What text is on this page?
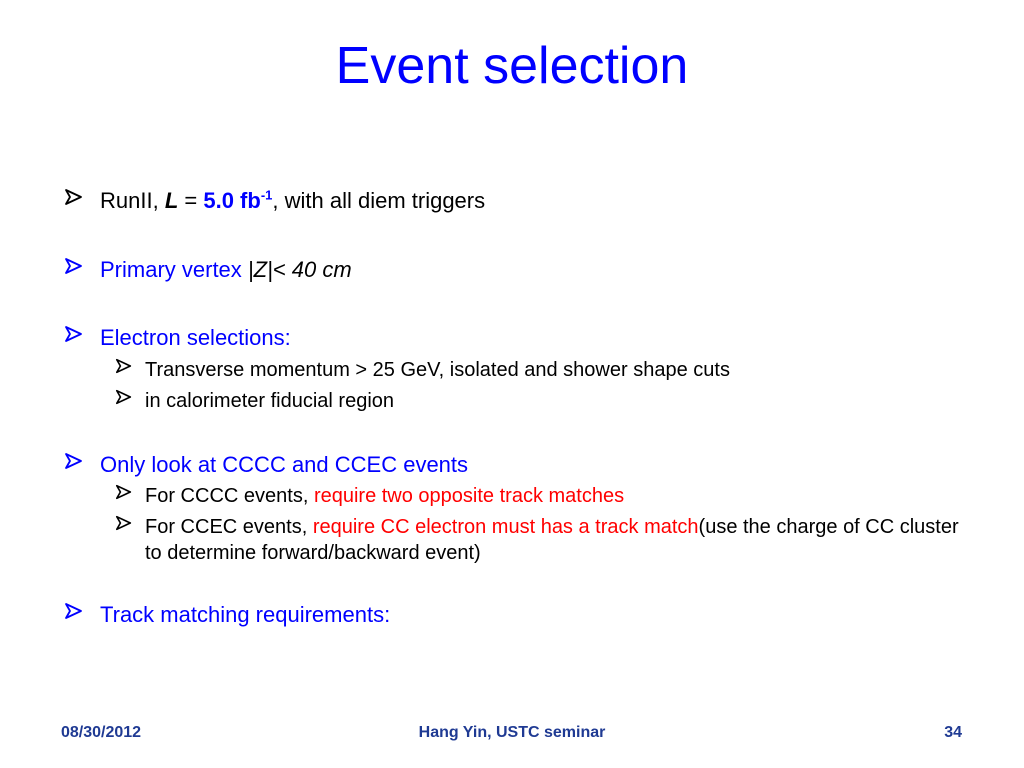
Event selection
RunII, L = 5.0 $fb^{-1}$, with all diem triggers
Primary vertex |Z|< 40 cm
Electron selections:
Transverse momentum > 25 GeV, isolated and shower shape cuts
in calorimeter fiducial region
Only look at CCCC and CCEC events
For CCCC events, require two opposite track matches
For CCEC events, require CC electron must has a track match(use the charge of CC cluster to determine forward/backward event)
Track matching requirements:
08/30/2012	Hang Yin, USTC seminar	34
